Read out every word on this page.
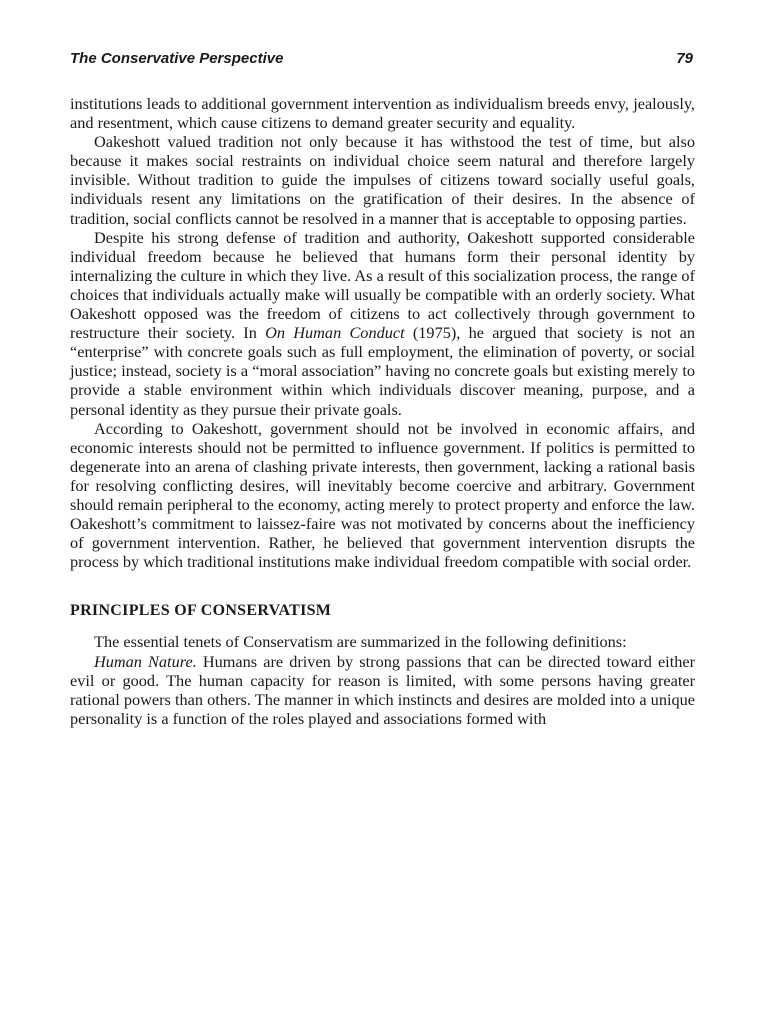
The Conservative Perspective	79

institutions leads to additional government intervention as individualism breeds envy, jealously, and resentment, which cause citizens to demand greater security and equality.

Oakeshott valued tradition not only because it has withstood the test of time, but also because it makes social restraints on individual choice seem natural and therefore largely invisible. Without tradition to guide the impulses of citizens toward socially useful goals, individuals resent any limitations on the gratification of their desires. In the absence of tradition, social conflicts cannot be resolved in a manner that is acceptable to opposing parties.

Despite his strong defense of tradition and authority, Oakeshott supported considerable individual freedom because he believed that humans form their personal identity by internalizing the culture in which they live. As a result of this socialization process, the range of choices that individuals actually make will usually be compatible with an orderly society. What Oakeshott opposed was the freedom of citizens to act collectively through government to restructure their society. In On Human Conduct (1975), he argued that society is not an “enterprise” with concrete goals such as full employment, the elimination of poverty, or social justice; instead, society is a “moral association” having no concrete goals but existing merely to provide a stable environment within which individuals discover meaning, purpose, and a personal identity as they pursue their private goals.

According to Oakeshott, government should not be involved in economic affairs, and economic interests should not be permitted to influence government. If politics is permitted to degenerate into an arena of clashing private interests, then government, lacking a rational basis for resolving conflicting desires, will inevitably become coercive and arbitrary. Government should remain peripheral to the economy, acting merely to protect property and enforce the law. Oakeshott’s commitment to laissez-faire was not motivated by concerns about the inefficiency of government intervention. Rather, he believed that government intervention disrupts the process by which traditional institutions make individual freedom compatible with social order.

PRINCIPLES OF CONSERVATISM

The essential tenets of Conservatism are summarized in the following definitions:

Human Nature. Humans are driven by strong passions that can be directed toward either evil or good. The human capacity for reason is limited, with some persons having greater rational powers than others. The manner in which instincts and desires are molded into a unique personality is a function of the roles played and associations formed with
